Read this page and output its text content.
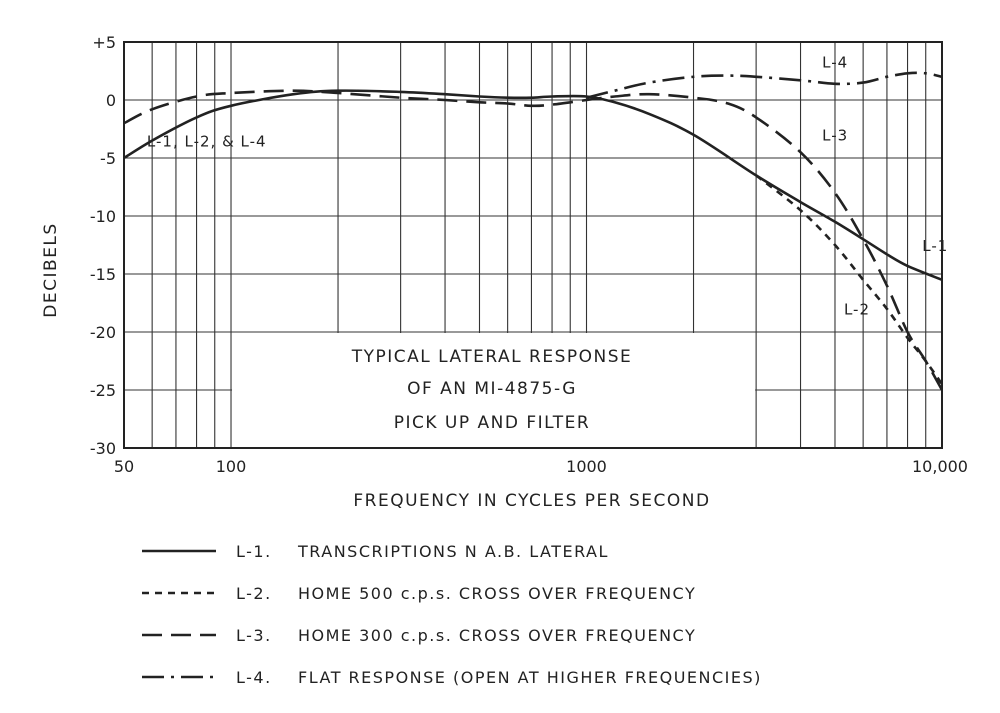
TYPICAL LATERAL RESPONSE
OF AN MI-4875-G
PICK UP AND FILTER
+5
0
-5
-10
-15
-20
-25
-30
50	100	1000	10,000
L-1, L-2, & L-4
L-4
L-3
L-1
L-2
FREQUENCY IN CYCLES PER SECOND
DECIBELS
L-1. TRANSCRIPTIONS N A.B. LATERAL
L-2. HOME 500 c.p.s. CROSS OVER FREQUENCY
L-3. HOME 300 c.p.s. CROSS OVER FREQUENCY
L-4. FLAT RESPONSE (OPEN AT HIGHER FREQUENCIES)
